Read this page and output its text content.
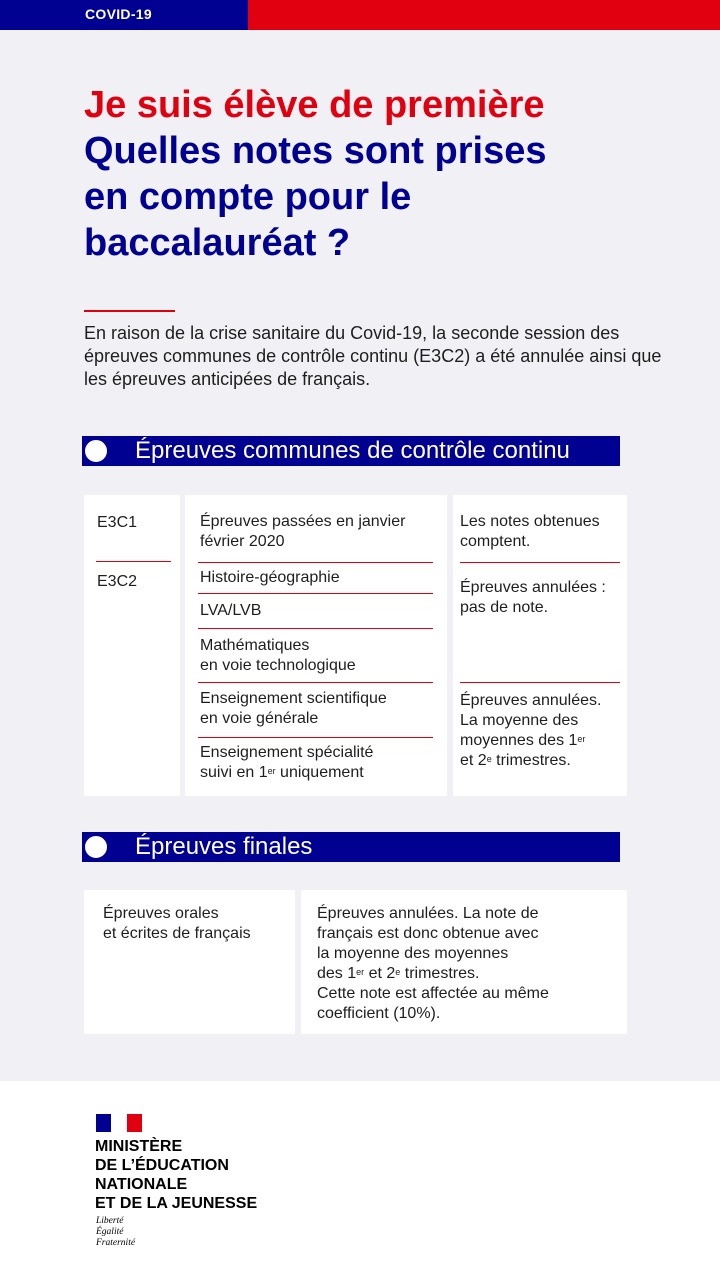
COVID-19
Je suis élève de première
Quelles notes sont prises
en compte pour le
baccalauréat ?

En raison de la crise sanitaire du Covid-19, la seconde session des épreuves communes de contrôle continu (E3C2) a été annulée ainsi que les épreuves anticipées de français.

Épreuves communes de contrôle continu
E3C1
E3C2
Épreuves passées en janvier
février 2020
Histoire-géographie
LVA/LVB
Mathématiques
en voie technologique
Enseignement scientifique
en voie générale
Enseignement spécialité
suivi en 1er uniquement
Les notes obtenues
comptent.
Épreuves annulées :
pas de note.
Épreuves annulées.
La moyenne des
moyennes des 1er
et 2e trimestres.
Épreuves finales
Épreuves orales
et écrites de français
Épreuves annulées. La note de
français est donc obtenue avec
la moyenne des moyennes
des 1er et 2e trimestres.
Cette note est affectée au même
coefficient (10%).
MINISTÈRE
DE L’ÉDUCATION
NATIONALE
ET DE LA JEUNESSE
Liberté
Égalité
Fraternité
